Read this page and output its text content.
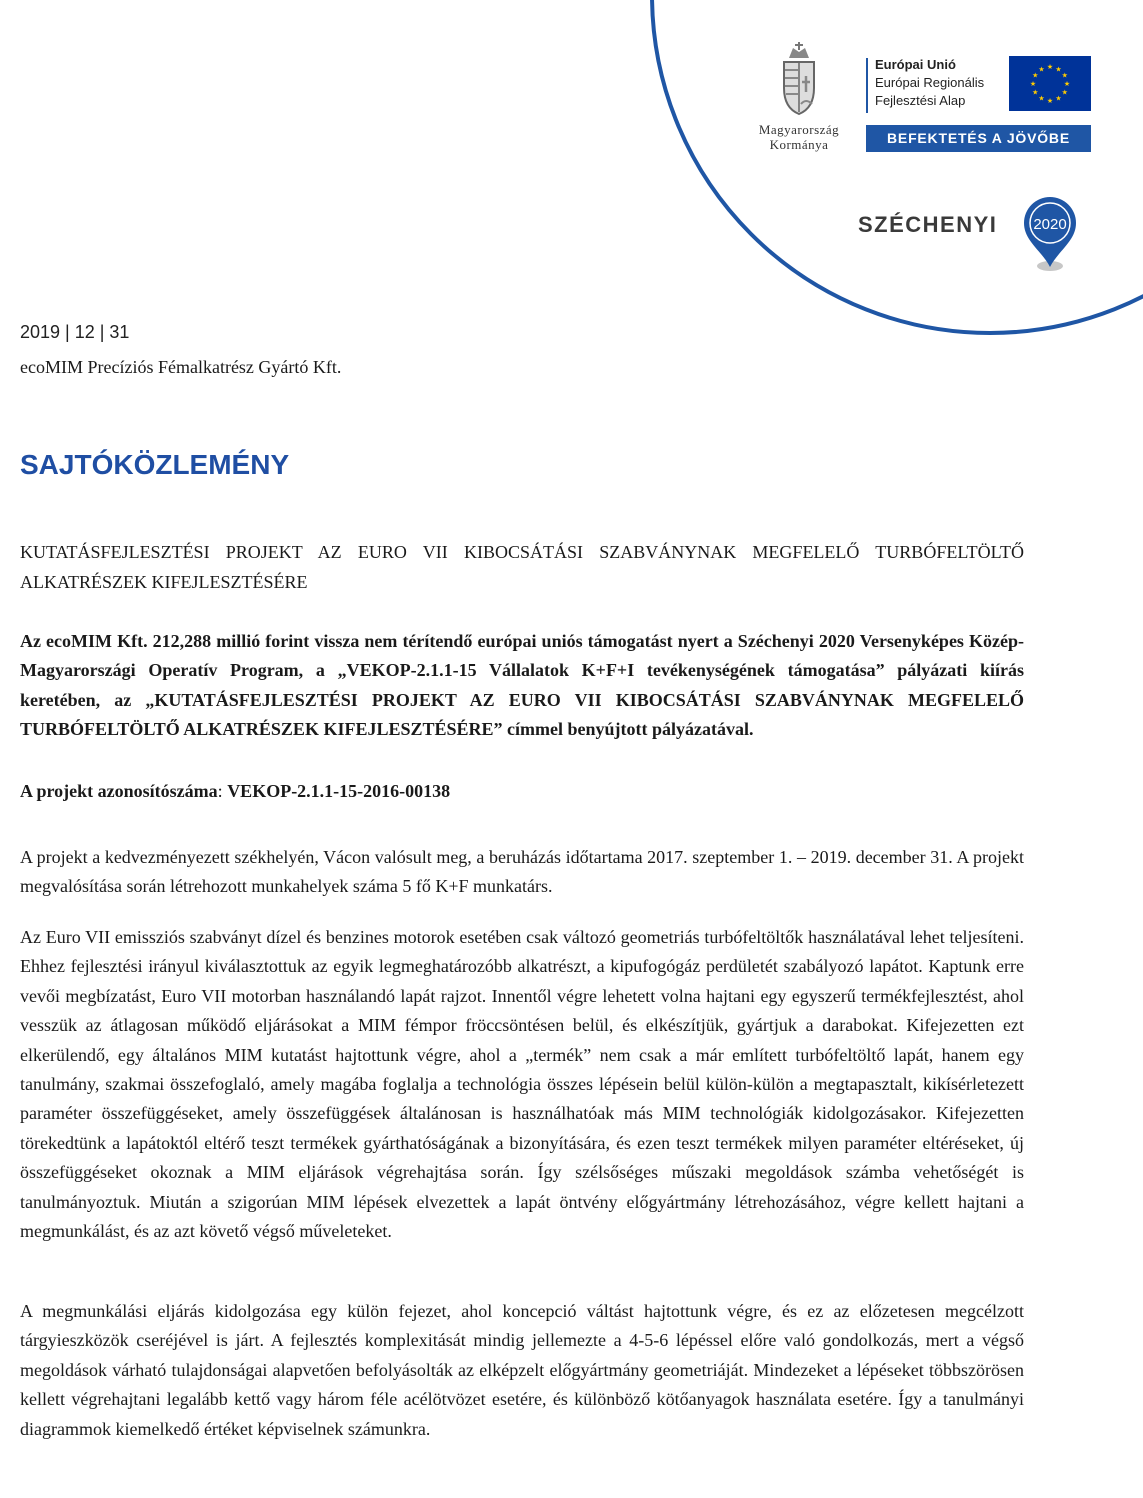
Magyarország
Kormánya
Európai Unió
Európai Regionális
Fejlesztési Alap
★ ★
★
★
★
★
★
★
★
★
★
★
BEFEKTETÉS A JÖVŐBE
SZÉCHENYI 2020
2019 | 12 | 31
ecoMIM Precíziós Fémalkatrész Gyártó Kft.
SAJTÓKÖZLEMÉNY
KUTATÁSFEJLESZTÉSI PROJEKT AZ EURO VII KIBOCSÁTÁSI SZABVÁNYNAK MEGFELELŐ TURBÓFELTÖLTŐ ALKATRÉSZEK KIFEJLESZTÉSÉRE
Az ecoMIM Kft. 212,288 millió forint vissza nem térítendő európai uniós támogatást nyert a Széchenyi 2020 Versenyképes Közép-Magyarországi Operatív Program, a „VEKOP-2.1.1-15 Vállalatok K+F+I tevékenységének támogatása” pályázati kiírás keretében, az „KUTATÁSFEJLESZTÉSI PROJEKT AZ EURO VII KIBOCSÁTÁSI SZABVÁNYNAK MEGFELELŐ TURBÓFELTÖLTŐ ALKATRÉSZEK KIFEJLESZTÉSÉRE” címmel benyújtott pályázatával.
A projekt azonosítószáma: VEKOP-2.1.1-15-2016-00138
A projekt a kedvezményezett székhelyén, Vácon valósult meg, a beruházás időtartama 2017. szeptember 1. – 2019. december 31. A projekt megvalósítása során létrehozott munkahelyek száma 5 fő K+F munkatárs.
Az Euro VII emissziós szabványt dízel és benzines motorok esetében csak változó geometriás turbófeltöltők használatával lehet teljesíteni. Ehhez fejlesztési irányul kiválasztottuk az egyik legmeghatározóbb alkatrészt, a kipufogógáz perdületét szabályozó lapátot. Kaptunk erre vevői megbízatást, Euro VII motorban használandó lapát rajzot. Innentől végre lehetett volna hajtani egy egyszerű termékfejlesztést, ahol vesszük az átlagosan működő eljárásokat a MIM fémpor fröccsöntésen belül, és elkészítjük, gyártjuk a darabokat. Kifejezetten ezt elkerülendő, egy általános MIM kutatást hajtottunk végre, ahol a „termék” nem csak a már említett turbófeltöltő lapát, hanem egy tanulmány, szakmai összefoglaló, amely magába foglalja a technológia összes lépésein belül külön-külön a megtapasztalt, kikísérletezett paraméter összefüggéseket, amely összefüggések általánosan is használhatóak más MIM technológiák kidolgozásakor. Kifejezetten törekedtünk a lapátoktól eltérő teszt termékek gyárthatóságának a bizonyítására, és ezen teszt termékek milyen paraméter eltéréseket, új összefüggéseket okoznak a MIM eljárások végrehajtása során. Így szélsőséges műszaki megoldások számba vehetőségét is tanulmányoztuk. Miután a szigorúan MIM lépések elvezettek a lapát öntvény előgyártmány létrehozásához, végre kellett hajtani a megmunkálást, és az azt követő végső műveleteket.
A megmunkálási eljárás kidolgozása egy külön fejezet, ahol koncepció váltást hajtottunk végre, és ez az előzetesen megcélzott tárgyieszközök cseréjével is járt. A fejlesztés komplexitását mindig jellemezte a 4-5-6 lépéssel előre való gondolkozás, mert a végső megoldások várható tulajdonságai alapvetően befolyásolták az elképzelt előgyártmány geometriáját. Mindezeket a lépéseket többszörösen kellett végrehajtani legalább kettő vagy három féle acélötvözet esetére, és különböző kötőanyagok használata esetére. Így a tanulmányi diagrammok kiemelkedő értéket képviselnek számunkra.
